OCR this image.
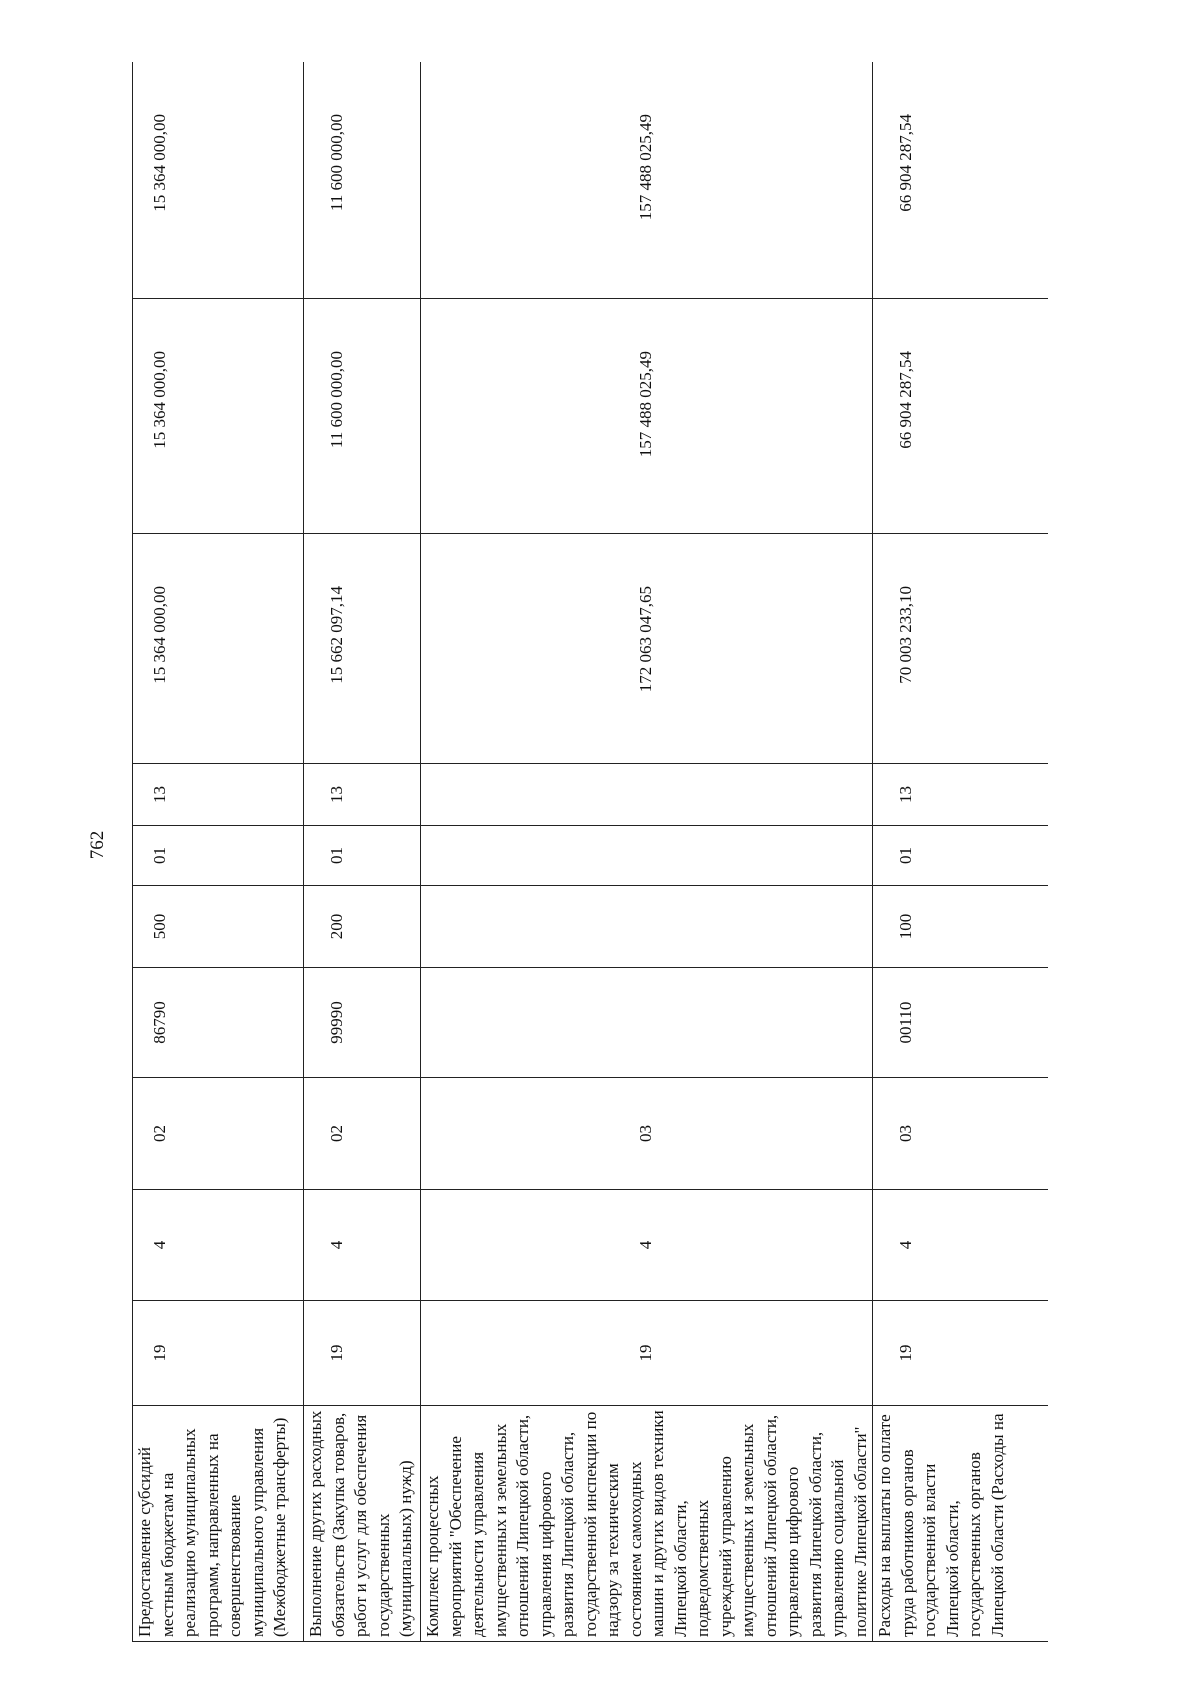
762
Предоставление субсидий местным бюджетам на реализацию муниципальных программ, направленных на совершенствование муниципального управления (Межбюджетные трансферты)	19	4	02	86790	500	01	13	15 364 000,00	15 364 000,00	15 364 000,00
Выполнение других расходных обязательств (Закупка товаров, работ и услуг для обеспечения государственных (муниципальных) нужд)	19	4	02	99990	200	01	13	15 662 097,14	11 600 000,00	11 600 000,00
Комплекс процессных мероприятий "Обеспечение деятельности управления имущественных и земельных отношений Липецкой области, управления цифрового развития Липецкой области, государственной инспекции по надзору за техническим состоянием самоходных машин и других видов техники Липецкой области, подведомственных учреждений управлению имущественных и земельных отношений Липецкой области, управлению цифрового развития Липецкой области, управлению социальной политике Липецкой области"	19	4	03					172 063 047,65	157 488 025,49	157 488 025,49
Расходы на выплаты по оплате труда работников органов государственной власти Липецкой области, государственных органов Липецкой области (Расходы на	19	4	03	00110	100	01	13	70 003 233,10	66 904 287,54	66 904 287,54
